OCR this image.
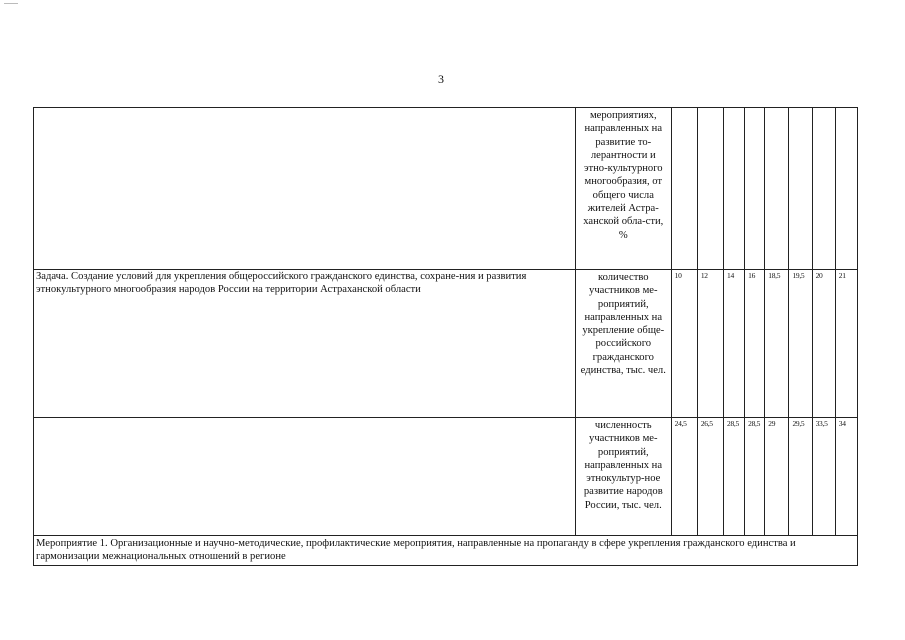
3
	мероприятиях, направленных на развитие то-лерантности и этно-культурного многообразия, от общего числа жителей Астра-ханской обла-сти, %								
Задача. Создание условий для укрепления общероссийского гражданского единства, сохране-ния и развития этнокультурного многообразия народов России на территории Астраханской области	количество участников ме-роприятий, направленных на укрепление обще-российского гражданского единства, тыс. чел.	10	12	14	16	18,5	19,5	20	21
	численность участников ме-роприятий, направленных на этнокультур-ное развитие народов России, тыс. чел.	24,5	26,5	28,5	28,5	29	29,5	33,5	34
Мероприятие 1. Организационные и научно-методические, профилактические мероприятия, направленные на пропаганду в сфере укрепления гражданского единства и гармонизации межнациональных отношений в регионе									
